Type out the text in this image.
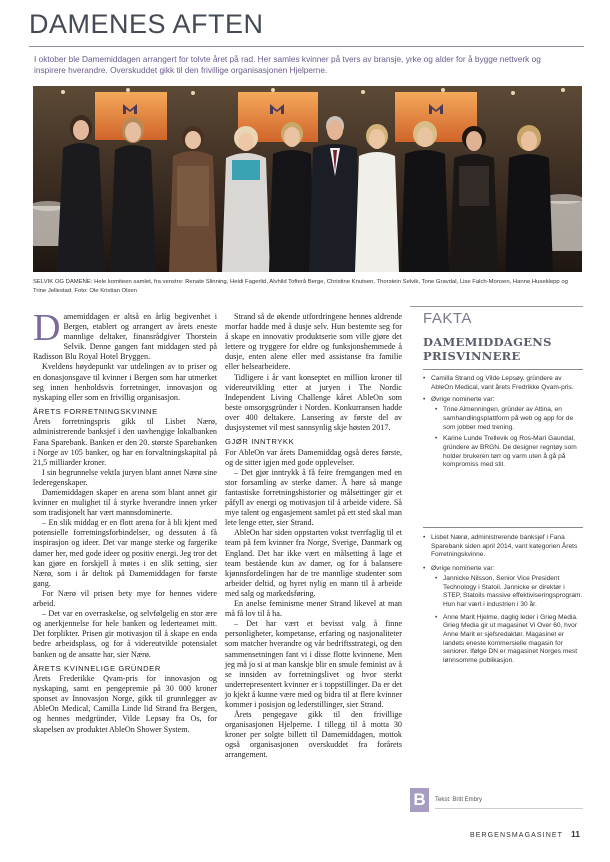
DAMENES AFTEN
I oktober ble Damemiddagen arrangert for tolvte året på rad. Her samles kvinner på tvers av bransje, yrke og alder for å bygge nettverk og inspirere hverandre. Overskuddet gikk til den frivillige organisasjonen Hjelperne.
SELVIK OG DAMENE: Hele komiteen samlet, fra venstre: Renate Slinning, Heidi Fagerlid, Alvhild Tofterå Berge, Christine Knutsen, Thorstein Selvik, Tone Gravdal, Lise Falch-Monsen, Hanne Huseklepp og Trine Jellestad. Foto: Ole Kristian Olsen
D amemiddagen er altså en årlig begivenhet i Bergen, etablert og arrangert av årets eneste mannlige deltaker, finansrådgiver Thorstein Selvik. Denne gangen fant middagen sted på Radisson Blu Royal Hotel Bryggen.

Kveldens høydepunkt var utdelingen av to priser og en donasjonsgave til kvinner i Bergen som har utmerket seg innen henholdsvis forretninger, innovasjon og nyskaping eller som en frivillig organisasjon.

ÅRETS FORRETNINGSKVINNE

Årets forretningspris gikk til Lisbet Nærø, administrerende banksjef i den uavhengige lokalbanken Fana Sparebank. Banken er den 20. største Sparebanken i Norge av 105 banker, og har en forvaltningskapital på 21,5 milliarder kroner.

I sin begrunnelse vektla juryen blant annet Nærø sine lederegenskaper.

Damemiddagen skaper en arena som blant annet gir kvinner en mulighet til å styrke hverandre innen yrker som tradisjonelt har vært mannsdominerte.

– En slik middag er en flott arena for å bli kjent med potensielle forretningsforbindelser, og dessuten å få inspirasjon og ideer. Det var mange sterke og fargerike damer her, med gode ideer og positiv energi. Jeg tror det kan gjøre en forskjell å møtes i en slik setting, sier Nærø, som i år deltok på Damemiddagen for første gang.

For Nærø vil prisen bety mye for hennes videre arbeid.

– Det var en overraskelse, og selvfølgelig en stor ære og anerkjennelse for hele banken og lederteamet mitt. Det forplikter. Prisen gir motivasjon til å skape en enda bedre arbeidsplass, og for å videreutvikle potensialet banken og de ansatte har, sier Nærø.

ÅRETS KVINNELIGE GRÜNDER

Årets Frederikke Qvam-pris for innovasjon og nyskaping, samt en pengepremie på 30 000 kroner sponset av Innovasjon Norge, gikk til grunnlegger av AbleOn Medical, Camilla Linde lid Strand fra Bergen, og hennes medgründer, Vilde Lepsøy fra Os, for skapelsen av produktet AbleOn Shower System.

Strand så de økende utfordringene hennes aldrende morfar hadde med å dusje selv. Hun bestemte seg for å skape en innovativ produktserie som ville gjøre det lettere og tryggere for eldre og funksjonshemmede å dusje, enten alene eller med assistanse fra familie eller helsearbeidere.

Tidligere i år vant konseptet en million kroner til videreutvikling etter at juryen i The Nordic Independent Living Challenge kåret AbleOn som beste omsorgsgründer i Norden. Konkurransen hadde over 400 deltakere. Lansering av første del av dusjsystemet vil mest sannsynlig skje høsten 2017.

GJØR INNTRYKK

For AbleOn var årets Damemiddag også deres første, og de sitter igjen med gode opplevelser.

– Det gjør inntrykk å få feire fremgangen med en stor forsamling av sterke damer. Å høre så mange fantastiske forretningshistorier og målsettinger gir et påfyll av energi og motivasjon til å arbeide videre. Så mye talent og engasjement samlet på ett sted skal man lete lenge etter, sier Strand.

AbleOn har siden oppstarten vokst tverrfaglig til et team på fem kvinner fra Norge, Sverige, Danmark og England. Det har ikke vært en målsetting å lage et team bestående kun av damer, og for å balansere kjønnsfordelingen har de tre mannlige studenter som arbeider deltid, og hyret nylig en mann til å arbeide med salg og markedsføring.

En anelse feminisme mener Strand likevel at man må få lov til å ha.

– Det har vært et bevisst valg å finne personligheter, kompetanse, erfaring og nasjonaliteter som matcher hverandre og vår bedriftsstrategi, og den sammensetningen fant vi i disse flotte kvinnene. Men jeg må jo si at man kanskje blir en smule feminist av å se innsiden av forretningslivet og hvor sterkt underrepresentert kvinner er i toppstillinger. Da er det jo kjekt å kunne være med og bidra til at flere kvinner kommer i posisjon og lederstillinger, sier Strand.

Årets pengegave gikk til den frivillige organisasjonen Hjelperne. I tillegg til å motta 30 kroner per solgte billett til Damemiddagen, mottok også organisasjonen overskuddet fra forårets arrangement.

FAKTA
DAMEMIDDAGENS PRISVINNERE
• Camilla Strand og Vilde Lepsøy, gründere av AbleOn Medical, vant årets Fredrikke Qvam-pris.
• Øvrige nominerte var:
• Trine Almenningen, gründer av Altina, en samhandlingsplattform på web og app for de som jobber med trening.
• Karine Lunde Trellevik og Ros-Marí Gaundal, gründere av BRGN. De designer regntøy som holder brukeren tørr og varm uten å gå på kompromiss med stil.
• Lisbet Nærø, administrerende banksjef i Fana Sparebank siden april 2014, vant kategorien Årets Forretningskvinne.
• Øvrige nominerte var:
• Jannicke Nilsson, Senior Vice President Technology i Statoil. Jannicke er direktør i STEP, Statoils massive effektiviseringsprogram. Hun har vært i industrien i 30 år.
• Anne Marit Hjelme, daglig leder i Grieg Media. Grieg Media gir ut magasinet Vi Over 60, hvor Anne Marit er sjefsredaktør. Magasinet er landets eneste kommersielle magasin for seniorer. Ifølge DN er magasinet Norges mest lønnsomme publikasjon.
B	Tekst: Britt Embry
BERGENSMAGASINET 11
